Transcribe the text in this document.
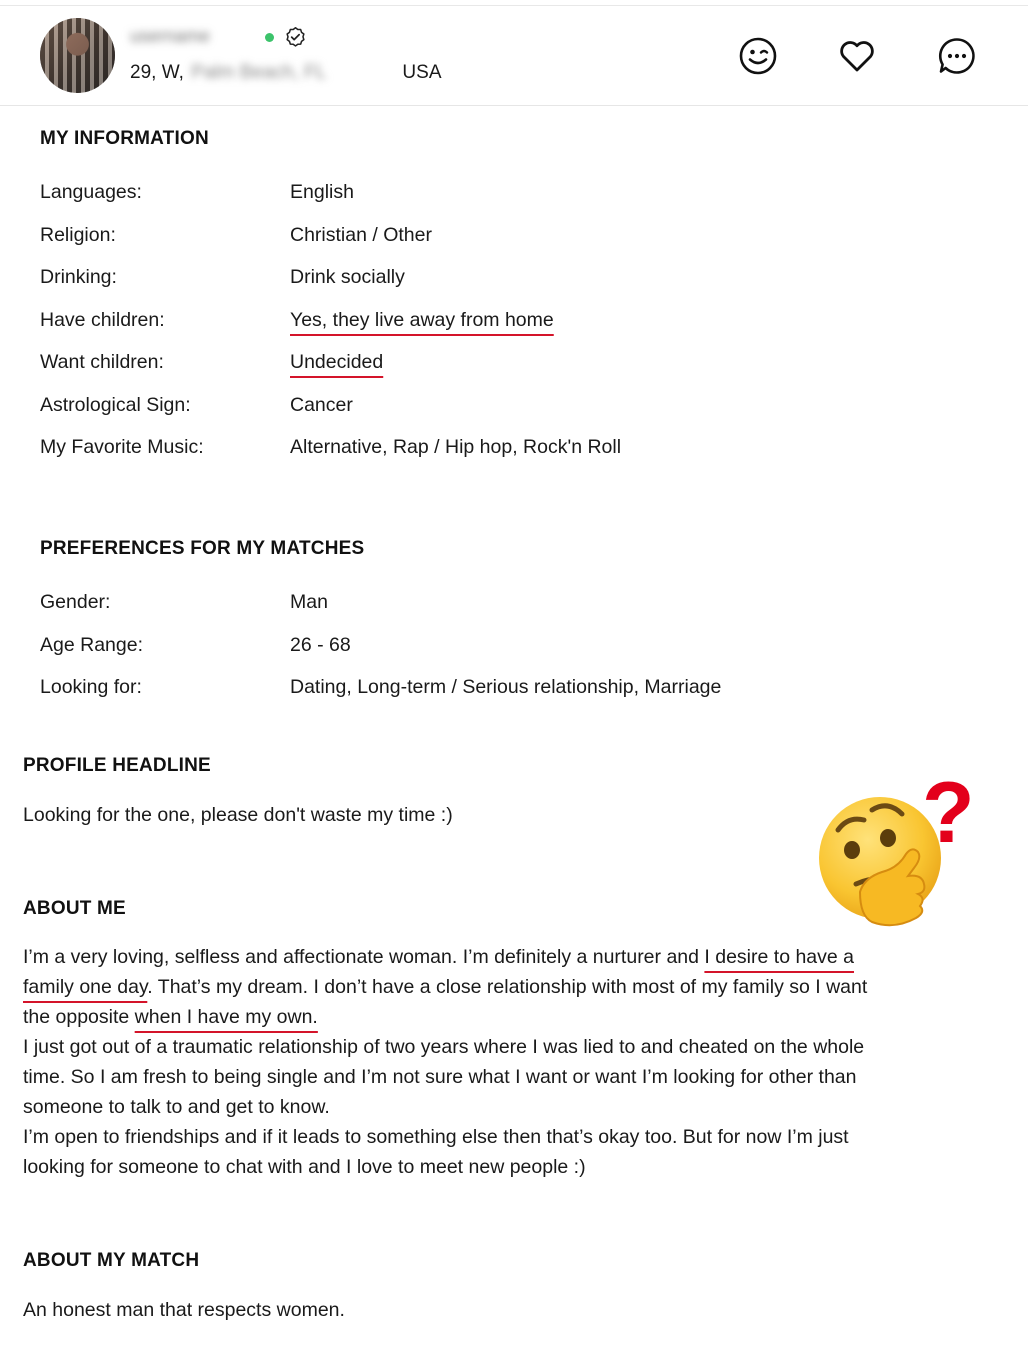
username
29, W, Palm Beach, FL	USA
MY INFORMATION
Languages:	English
Religion:	Christian / Other
Drinking:	Drink socially
Have children:	Yes, they live away from home
Want children:	Undecided
Astrological Sign:	Cancer
My Favorite Music:	Alternative, Rap / Hip hop, Rock'n Roll
PREFERENCES FOR MY MATCHES
Gender:	Man
Age Range:	26 - 68
Looking for:	Dating, Long-term / Serious relationship, Marriage
PROFILE HEADLINE
Looking for the one, please don't waste my time :)	?
ABOUT ME
I’m a very loving, selfless and affectionate woman. I’m definitely a nurturer and I desire to have a
family one day. That’s my dream. I don’t have a close relationship with most of my family so I want
the opposite when I have my own.
I just got out of a traumatic relationship of two years where I was lied to and cheated on the whole
time. So I am fresh to being single and I’m not sure what I want or want I’m looking for other than
someone to talk to and get to know.
I’m open to friendships and if it leads to something else then that’s okay too. But for now I’m just
looking for someone to chat with and I love to meet new people :)
ABOUT MY MATCH
An honest man that respects women.
